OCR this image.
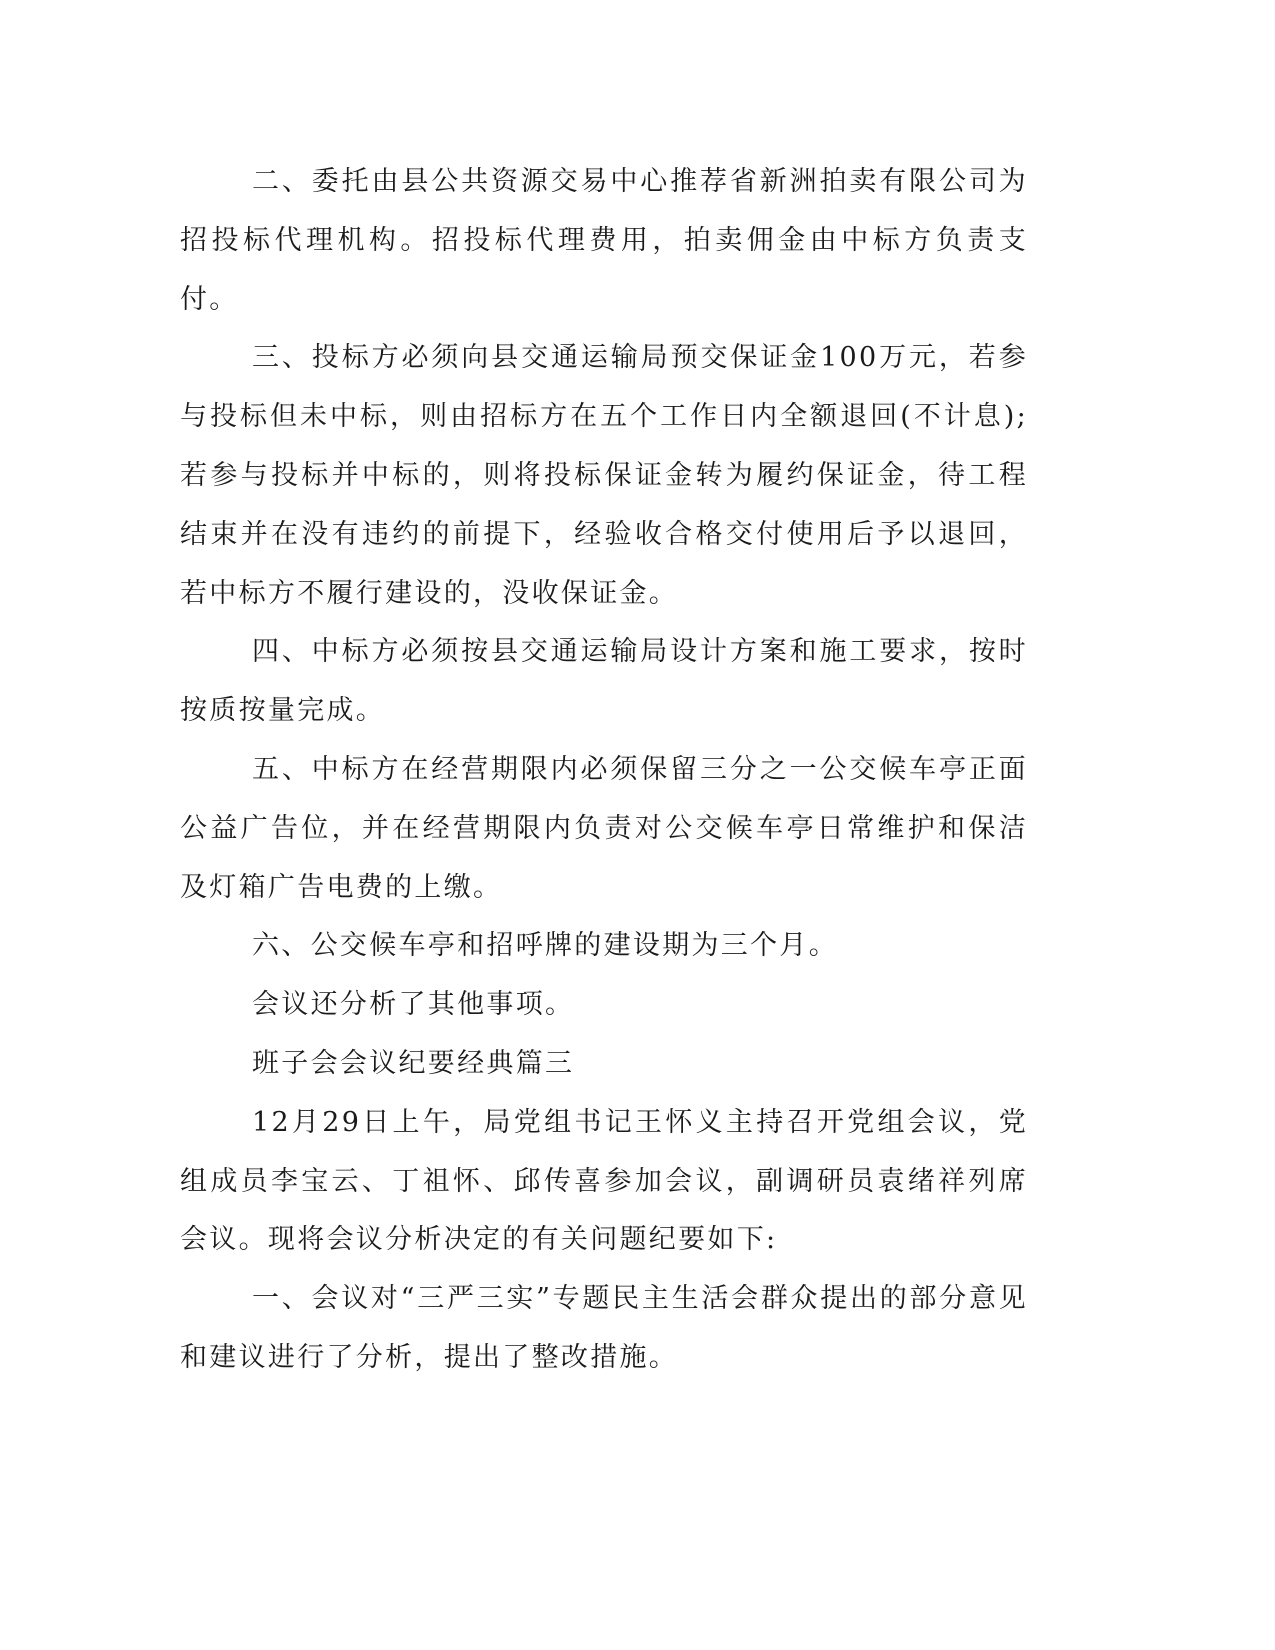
二、委托由县公共资源交易中心推荐省新洲拍卖有限公司为招投标代理机构。招投标代理费用，拍卖佣金由中标方负责支付。

三、投标方必须向县交通运输局预交保证金100万元，若参与投标但未中标，则由招标方在五个工作日内全额退回(不计息);若参与投标并中标的，则将投标保证金转为履约保证金，待工程结束并在没有违约的前提下，经验收合格交付使用后予以退回，若中标方不履行建设的，没收保证金。

四、中标方必须按县交通运输局设计方案和施工要求，按时按质按量完成。

五、中标方在经营期限内必须保留三分之一公交候车亭正面公益广告位，并在经营期限内负责对公交候车亭日常维护和保洁及灯箱广告电费的上缴。

六、公交候车亭和招呼牌的建设期为三个月。

会议还分析了其他事项。

班子会会议纪要经典篇三

12月29日上午，局党组书记王怀义主持召开党组会议，党组成员李宝云、丁祖怀、邱传喜参加会议，副调研员袁绪祥列席会议。现将会议分析决定的有关问题纪要如下:

一、会议对“三严三实”专题民主生活会群众提出的部分意见和建议进行了分析，提出了整改措施。
